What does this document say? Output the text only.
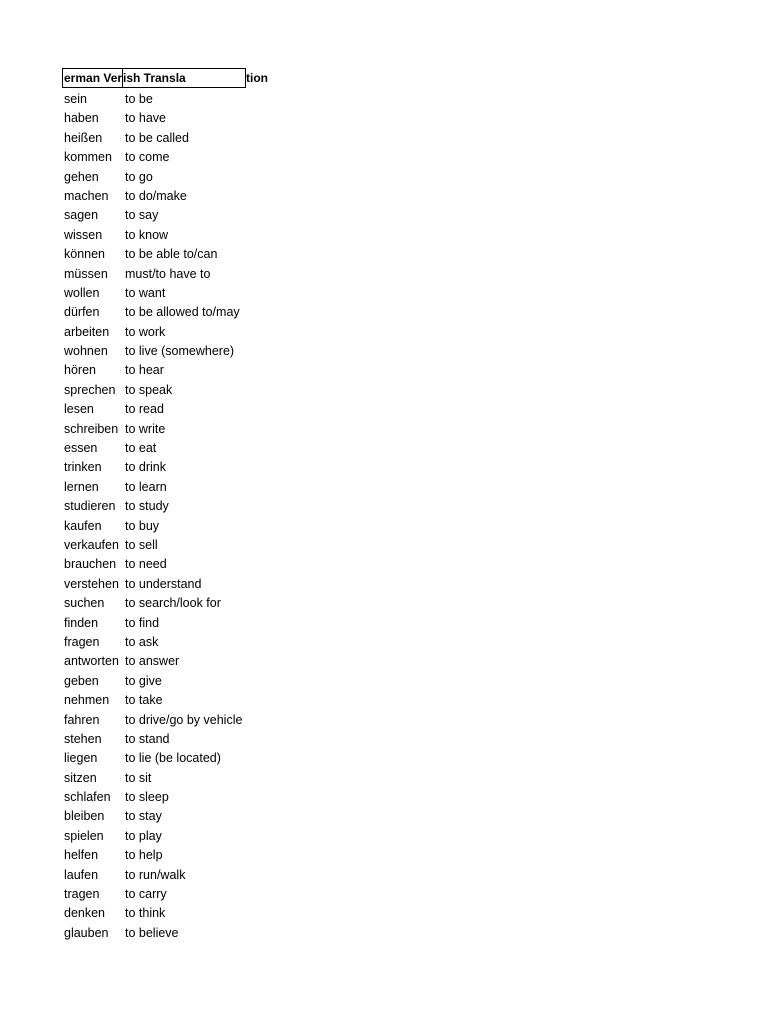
erman Ver ish Transla	tion
sein	to be
haben	to have
heißen	to be called
kommen	to come
gehen	to go
machen	to do/make
sagen	to say
wissen	to know
können	to be able to/can
müssen	must/to have to
wollen	to want
dürfen	to be allowed to/may
arbeiten	to work
wohnen	to live (somewhere)
hören	to hear
sprechen to speak
lesen	to read
schreiben to write
essen	to eat
trinken	to drink
lernen	to learn
studieren to study
kaufen	to buy
verkaufen to sell
brauchen to need
verstehen to understand
suchen	to search/look for
finden	to find
fragen	to ask
antworten to answer
geben	to give
nehmen	to take
fahren	to drive/go by vehicle
stehen	to stand
liegen	to lie (be located)
sitzen	to sit
schlafen	to sleep
bleiben	to stay
spielen	to play
helfen	to help
laufen	to run/walk
tragen	to carry
denken	to think
glauben	to believe
